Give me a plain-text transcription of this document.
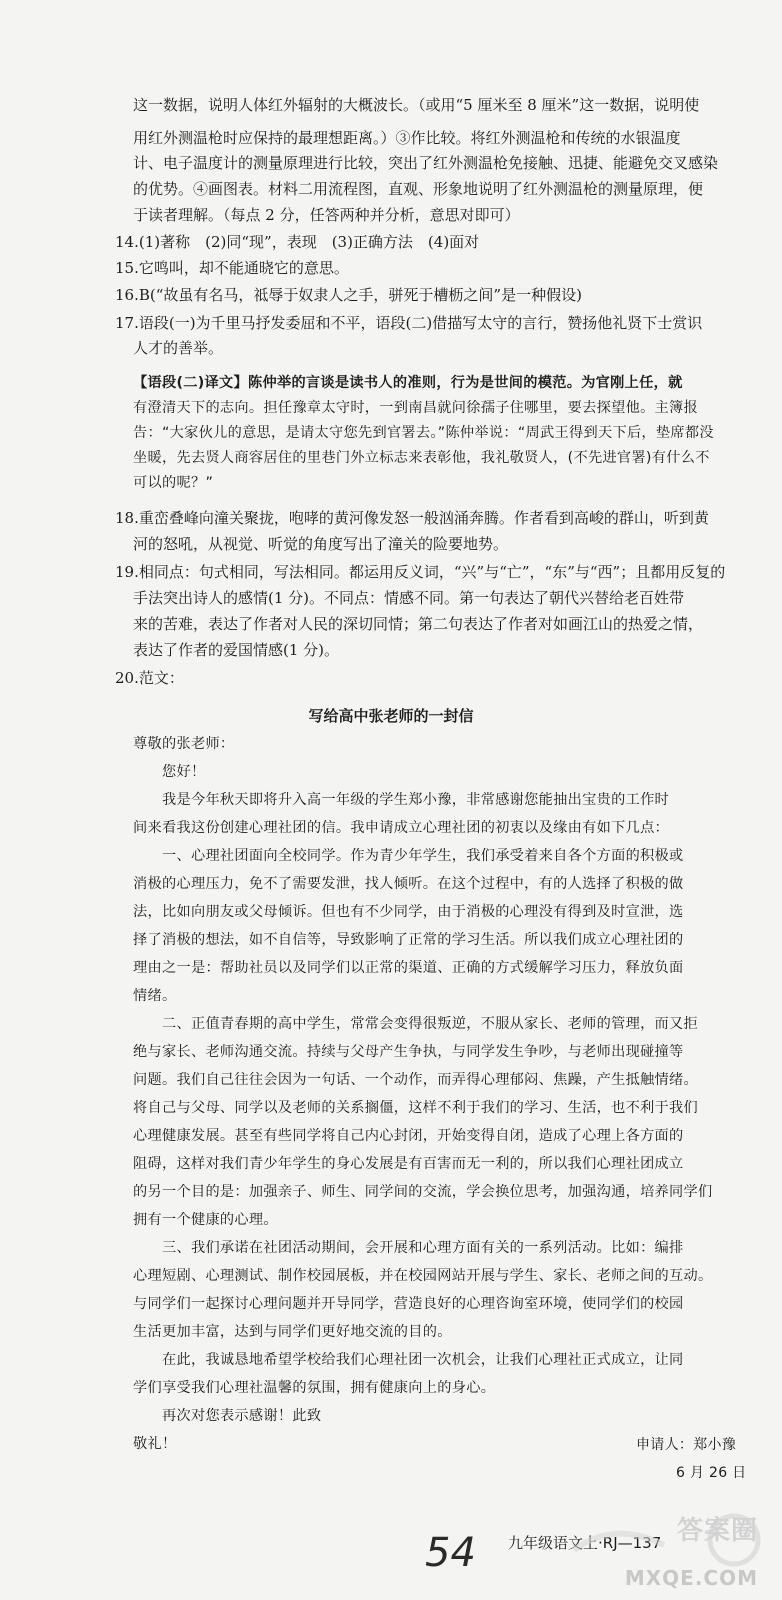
这一数据，说明人体红外辐射的大概波长。（或用“5 厘米至 8 厘米”这一数据，说明使
用红外测温枪时应保持的最理想距离。）③作比较。将红外测温枪和传统的水银温度
计、电子温度计的测量原理进行比较，突出了红外测温枪免接触、迅捷、能避免交叉感染
的优势。④画图表。材料二用流程图，直观、形象地说明了红外测温枪的测量原理，便
于读者理解。（每点 2 分，任答两种并分析，意思对即可）
14.(1)著称　(2)同“现”，表现　(3)正确方法　(4)面对
15.它鸣叫，却不能通晓它的意思。
16.B(“故虽有名马，祗辱于奴隶人之手，骈死于槽枥之间”是一种假设)
17.语段(一)为千里马抒发委屈和不平，语段(二)借描写太守的言行，赞扬他礼贤下士赏识
人才的善举。
【语段(二)译文】陈仲举的言谈是读书人的准则，行为是世间的模范。为官刚上任，就
有澄清天下的志向。担任豫章太守时，一到南昌就问徐孺子住哪里，要去探望他。主簿报
告：“大家伙儿的意思，是请太守您先到官署去。”陈仲举说：“周武王得到天下后，垫席都没
坐暖，先去贤人商容居住的里巷门外立标志来表彰他，我礼敬贤人，(不先进官署)有什么不
可以的呢？”
18.重峦叠峰向潼关聚拢，咆哮的黄河像发怒一般汹涌奔腾。作者看到高峻的群山，听到黄
河的怒吼，从视觉、听觉的角度写出了潼关的险要地势。
19.相同点：句式相同，写法相同。都运用反义词，“兴”与“亡”，“东”与“西”；且都用反复的
手法突出诗人的感情(1 分)。不同点：情感不同。第一句表达了朝代兴替给老百姓带
来的苦难，表达了作者对人民的深切同情；第二句表达了作者对如画江山的热爱之情，
表达了作者的爱国情感(1 分)。
20.范文：
写给高中张老师的一封信
尊敬的张老师：
　　您好！
　　我是今年秋天即将升入高一年级的学生郑小豫，非常感谢您能抽出宝贵的工作时
间来看我这份创建心理社团的信。我申请成立心理社团的初衷以及缘由有如下几点：
　　一、心理社团面向全校同学。作为青少年学生，我们承受着来自各个方面的积极或
消极的心理压力，免不了需要发泄，找人倾听。在这个过程中，有的人选择了积极的做
法，比如向朋友或父母倾诉。但也有不少同学，由于消极的心理没有得到及时宣泄，选
择了消极的想法，如不自信等，导致影响了正常的学习生活。所以我们成立心理社团的
理由之一是：帮助社员以及同学们以正常的渠道、正确的方式缓解学习压力，释放负面
情绪。
　　二、正值青春期的高中学生，常常会变得很叛逆，不服从家长、老师的管理，而又拒
绝与家长、老师沟通交流。持续与父母产生争执，与同学发生争吵，与老师出现碰撞等
问题。我们自己往往会因为一句话、一个动作，而弄得心理郁闷、焦躁，产生抵触情绪。
将自己与父母、同学以及老师的关系搁僵，这样不利于我们的学习、生活，也不利于我们
心理健康发展。甚至有些同学将自己内心封闭，开始变得自闭，造成了心理上各方面的
阻碍，这样对我们青少年学生的身心发展是有百害而无一利的，所以我们心理社团成立
的另一个目的是：加强亲子、师生、同学间的交流，学会换位思考，加强沟通，培养同学们
拥有一个健康的心理。
　　三、我们承诺在社团活动期间，会开展和心理方面有关的一系列活动。比如：编排
心理短剧、心理测试、制作校园展板，并在校园网站开展与学生、家长、老师之间的互动。
与同学们一起探讨心理问题并开导同学，营造良好的心理咨询室环境，使同学们的校园
生活更加丰富，达到与同学们更好地交流的目的。
　　在此，我诚恳地希望学校给我们心理社团一次机会，让我们心理社正式成立，让同
学们享受我们心理社温馨的氛围，拥有健康向上的身心。
　　再次对您表示感谢！此致
敬礼！	申请人：郑小豫
6 月 26 日
54 九年级语文上·RJ—137 答案圈
MXQE.COM
